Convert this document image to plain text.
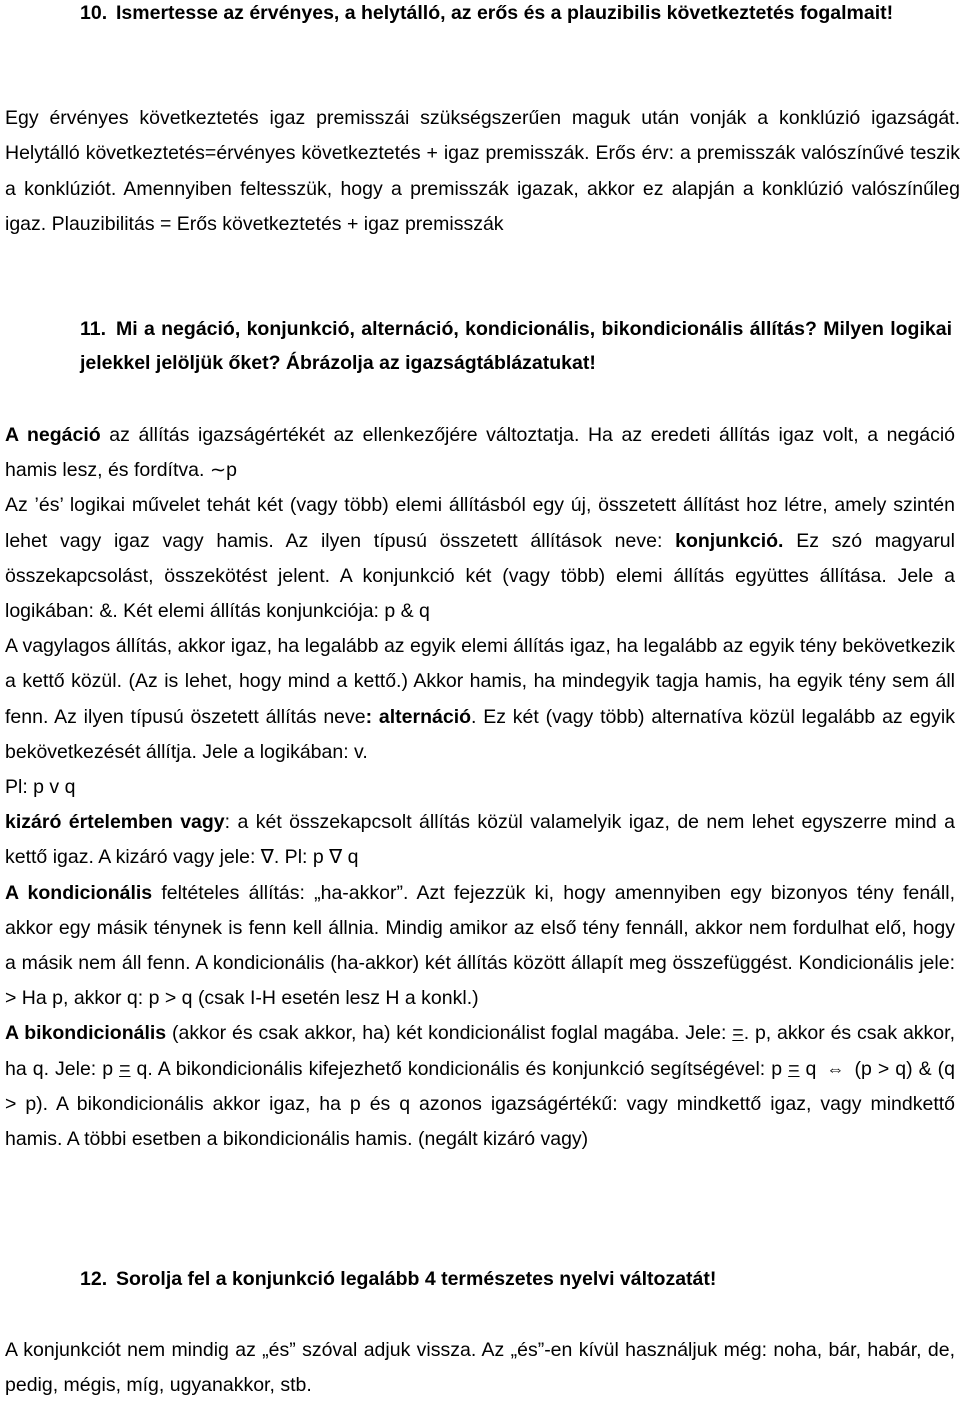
10. Ismertesse az érvényes, a helytálló, az erős és a plauzibilis következtetés fogalmait!
Egy érvényes következtetés igaz premisszái szükségszerűen maguk után vonják a konklúzió igazságát. Helytálló következtetés=érvényes következtetés + igaz premisszák. Erős érv: a premisszák valószínűvé teszik a konklúziót. Amennyiben feltesszük, hogy a premisszák igazak, akkor ez alapján a konklúzió valószínűleg igaz. Plauzibilitás = Erős következtetés + igaz premisszák
11. Mi a negáció, konjunkció, alternáció, kondicionális, bikondicionális állítás? Milyen logikai jelekkel jelöljük őket? Ábrázolja az igazságtáblázatukat!
A negáció az állítás igazságértékét az ellenkezőjére változtatja. Ha az eredeti állítás igaz volt, a negáció hamis lesz, és fordítva. ∼p
Az ’és’ logikai művelet tehát két (vagy több) elemi állításból egy új, összetett állítást hoz létre, amely szintén lehet vagy igaz vagy hamis. Az ilyen típusú összetett állítások neve: konjunkció. Ez szó magyarul összekapcsolást, összekötést jelent. A konjunkció két (vagy több) elemi állítás együttes állítása. Jele a logikában: &. Két elemi állítás konjunkciója: p & q
A vagylagos állítás, akkor igaz, ha legalább az egyik elemi állítás igaz, ha legalább az egyik tény bekövetkezik a kettő közül. (Az is lehet, hogy mind a kettő.) Akkor hamis, ha mindegyik tagja hamis, ha egyik tény sem áll fenn. Az ilyen típusú öszetett állítás neve: alternáció. Ez két (vagy több) alternatíva közül legalább az egyik bekövetkezését állítja. Jele a logikában: v.
Pl: p v q
kizáró értelemben vagy: a két összekapcsolt állítás közül valamelyik igaz, de nem lehet egyszerre mind a kettő igaz. A kizáró vagy jele: ∇. Pl: p ∇ q
A kondicionális feltételes állítás: „ha-akkor”. Azt fejezzük ki, hogy amennyiben egy bizonyos tény fenáll, akkor egy másik ténynek is fenn kell állnia. Mindig amikor az első tény fennáll, akkor nem fordulhat elő, hogy a másik nem áll fenn. A kondicionális (ha-akkor) két állítás között állapít meg összefüggést. Kondicionális jele: > Ha p, akkor q: p > q (csak I-H esetén lesz H a konkl.)
A bikondicionális (akkor és csak akkor, ha) két kondicionálist foglal magába. Jele: =. p, akkor és csak akkor, ha q. Jele: p = q. A bikondicionális kifejezhető kondicionális és konjunkció segítségével: p = q ⇔ (p > q) & (q > p). A bikondicionális akkor igaz, ha p és q azonos igazságértékű: vagy mindkettő igaz, vagy mindkettő hamis. A többi esetben a bikondicionális hamis. (negált kizáró vagy)
12. Sorolja fel a konjunkció legalább 4 természetes nyelvi változatát!
A konjunkciót nem mindig az „és” szóval adjuk vissza. Az „és”-en kívül használjuk még: noha, bár, habár, de, pedig, mégis, míg, ugyanakkor, stb.
